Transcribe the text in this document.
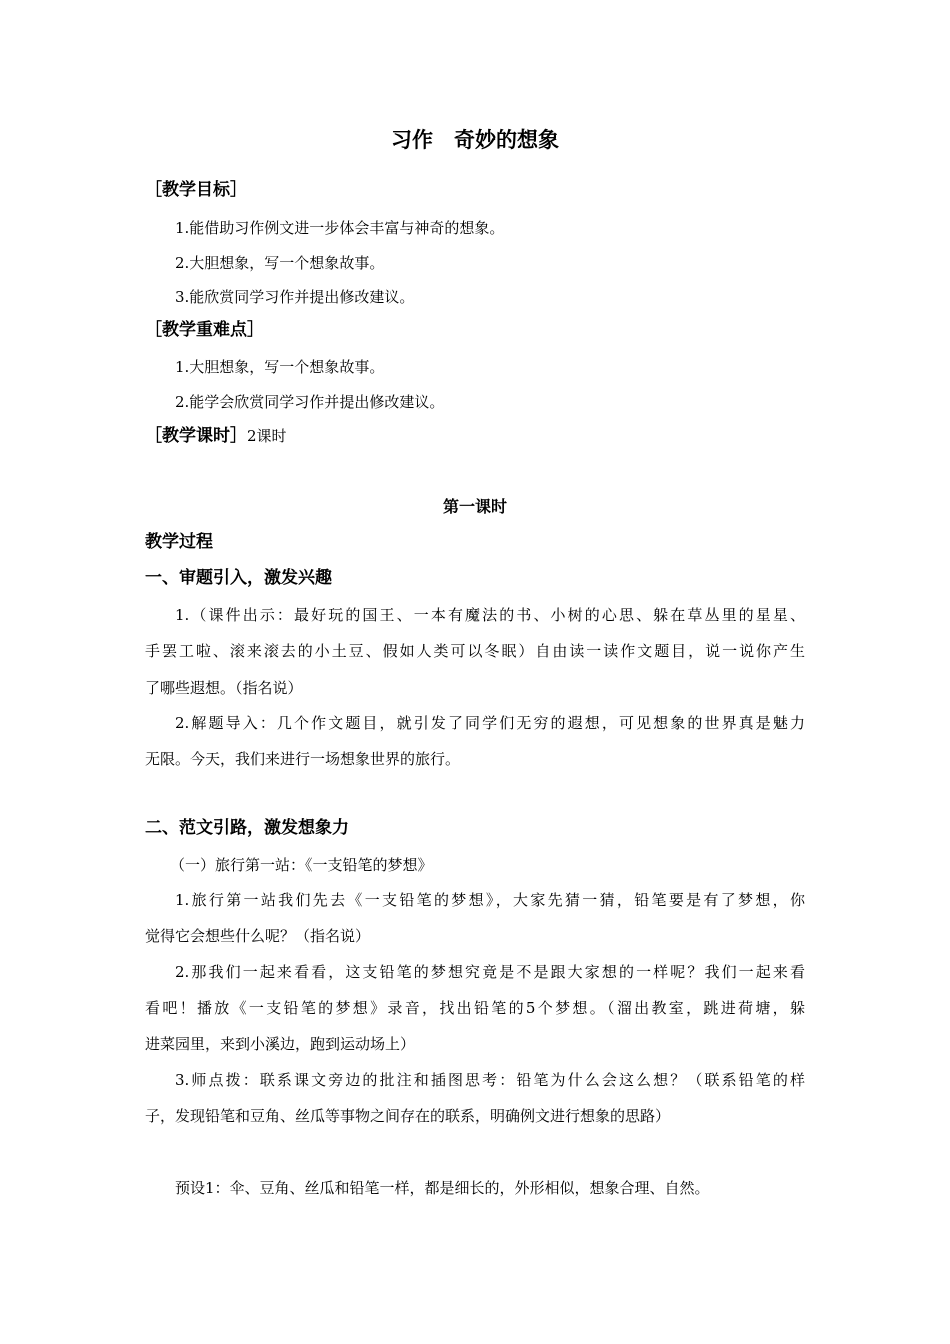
习作　奇妙的想象
［教学目标］
1.能借助习作例文进一步体会丰富与神奇的想象。
2.大胆想象，写一个想象故事。
3.能欣赏同学习作并提出修改建议。
［教学重难点］
1.大胆想象，写一个想象故事。
2.能学会欣赏同学习作并提出修改建议。
［教学课时］2课时
第一课时
教学过程
一、审题引入，激发兴趣
1.（课件出示：最好玩的国王、一本有魔法的书、小树的心思、躲在草丛里的星星、
手罢工啦、滚来滚去的小土豆、假如人类可以冬眠）自由读一读作文题目，说一说你产生
了哪些遐想。（指名说）
2.解题导入：几个作文题目，就引发了同学们无穷的遐想，可见想象的世界真是魅力
无限。今天，我们来进行一场想象世界的旅行。
二、范文引路，激发想象力
（一）旅行第一站：《一支铅笔的梦想》
1.旅行第一站我们先去《一支铅笔的梦想》，大家先猜一猜，铅笔要是有了梦想，你
觉得它会想些什么呢？（指名说）
2.那我们一起来看看，这支铅笔的梦想究竟是不是跟大家想的一样呢？我们一起来看
看吧！播放《一支铅笔的梦想》录音，找出铅笔的5个梦想。（溜出教室，跳进荷塘，躲
进菜园里，来到小溪边，跑到运动场上）
3.师点拨：联系课文旁边的批注和插图思考：铅笔为什么会这么想？（联系铅笔的样
子，发现铅笔和豆角、丝瓜等事物之间存在的联系，明确例文进行想象的思路）
预设1：伞、豆角、丝瓜和铅笔一样，都是细长的，外形相似，想象合理、自然。
